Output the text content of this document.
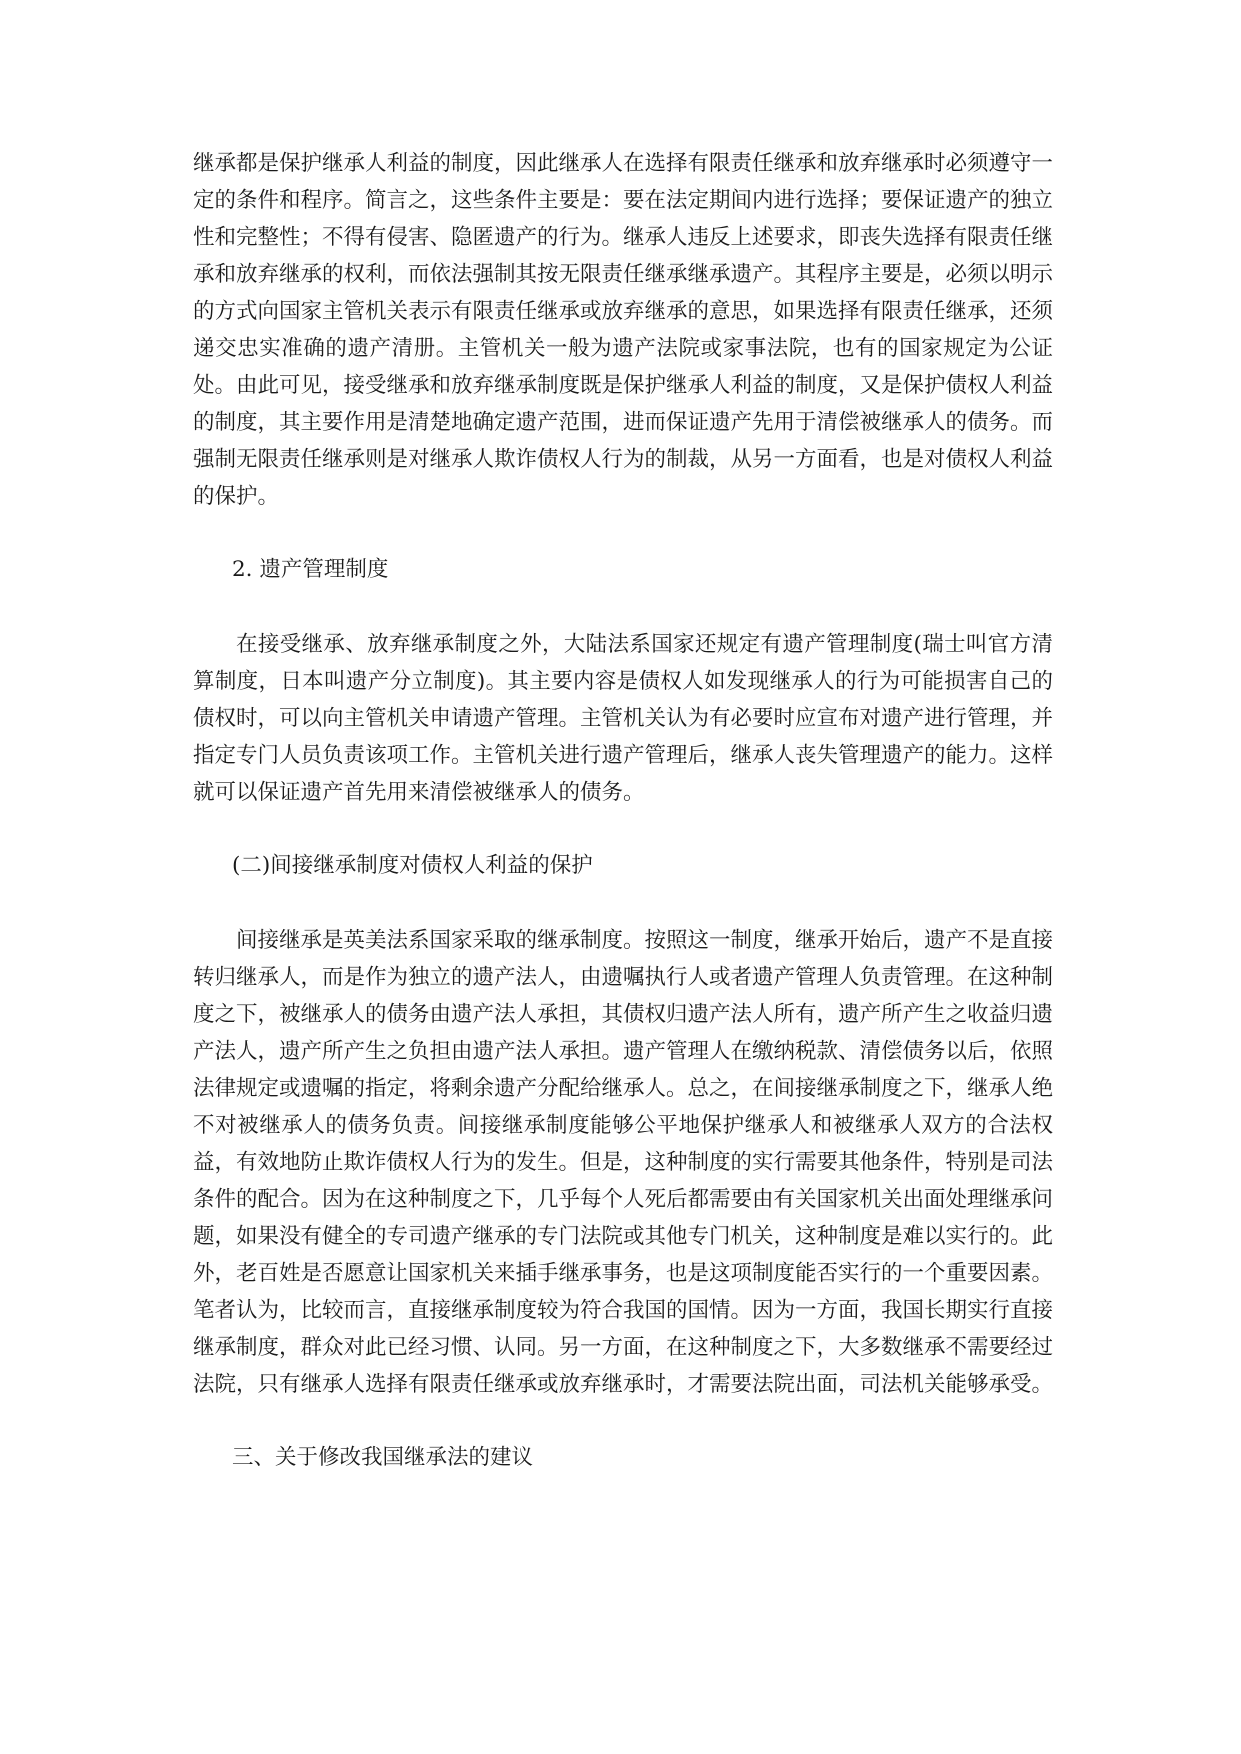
继承都是保护继承人利益的制度，因此继承人在选择有限责任继承和放弃继承时必须遵守一定的条件和程序。简言之，这些条件主要是：要在法定期间内进行选择；要保证遗产的独立性和完整性；不得有侵害、隐匿遗产的行为。继承人违反上述要求，即丧失选择有限责任继承和放弃继承的权利，而依法强制其按无限责任继承继承遗产。其程序主要是，必须以明示的方式向国家主管机关表示有限责任继承或放弃继承的意思，如果选择有限责任继承，还须递交忠实准确的遗产清册。主管机关一般为遗产法院或家事法院，也有的国家规定为公证处。由此可见，接受继承和放弃继承制度既是保护继承人利益的制度，又是保护债权人利益的制度，其主要作用是清楚地确定遗产范围，进而保证遗产先用于清偿被继承人的债务。而强制无限责任继承则是对继承人欺诈债权人行为的制裁，从另一方面看，也是对债权人利益的保护。

2. 遗产管理制度

在接受继承、放弃继承制度之外，大陆法系国家还规定有遗产管理制度(瑞士叫官方清算制度，日本叫遗产分立制度)。其主要内容是债权人如发现继承人的行为可能损害自己的债权时，可以向主管机关申请遗产管理。主管机关认为有必要时应宣布对遗产进行管理，并指定专门人员负责该项工作。主管机关进行遗产管理后，继承人丧失管理遗产的能力。这样就可以保证遗产首先用来清偿被继承人的债务。

(二)间接继承制度对债权人利益的保护

间接继承是英美法系国家采取的继承制度。按照这一制度，继承开始后，遗产不是直接转归继承人，而是作为独立的遗产法人，由遗嘱执行人或者遗产管理人负责管理。在这种制度之下，被继承人的债务由遗产法人承担，其债权归遗产法人所有，遗产所产生之收益归遗产法人，遗产所产生之负担由遗产法人承担。遗产管理人在缴纳税款、清偿债务以后，依照法律规定或遗嘱的指定，将剩余遗产分配给继承人。总之，在间接继承制度之下，继承人绝不对被继承人的债务负责。间接继承制度能够公平地保护继承人和被继承人双方的合法权益，有效地防止欺诈债权人行为的发生。但是，这种制度的实行需要其他条件，特别是司法条件的配合。因为在这种制度之下，几乎每个人死后都需要由有关国家机关出面处理继承问题，如果没有健全的专司遗产继承的专门法院或其他专门机关，这种制度是难以实行的。此外，老百姓是否愿意让国家机关来插手继承事务，也是这项制度能否实行的一个重要因素。笔者认为，比较而言，直接继承制度较为符合我国的国情。因为一方面，我国长期实行直接继承制度，群众对此已经习惯、认同。另一方面，在这种制度之下，大多数继承不需要经过法院，只有继承人选择有限责任继承或放弃继承时，才需要法院出面，司法机关能够承受。

三、关于修改我国继承法的建议
